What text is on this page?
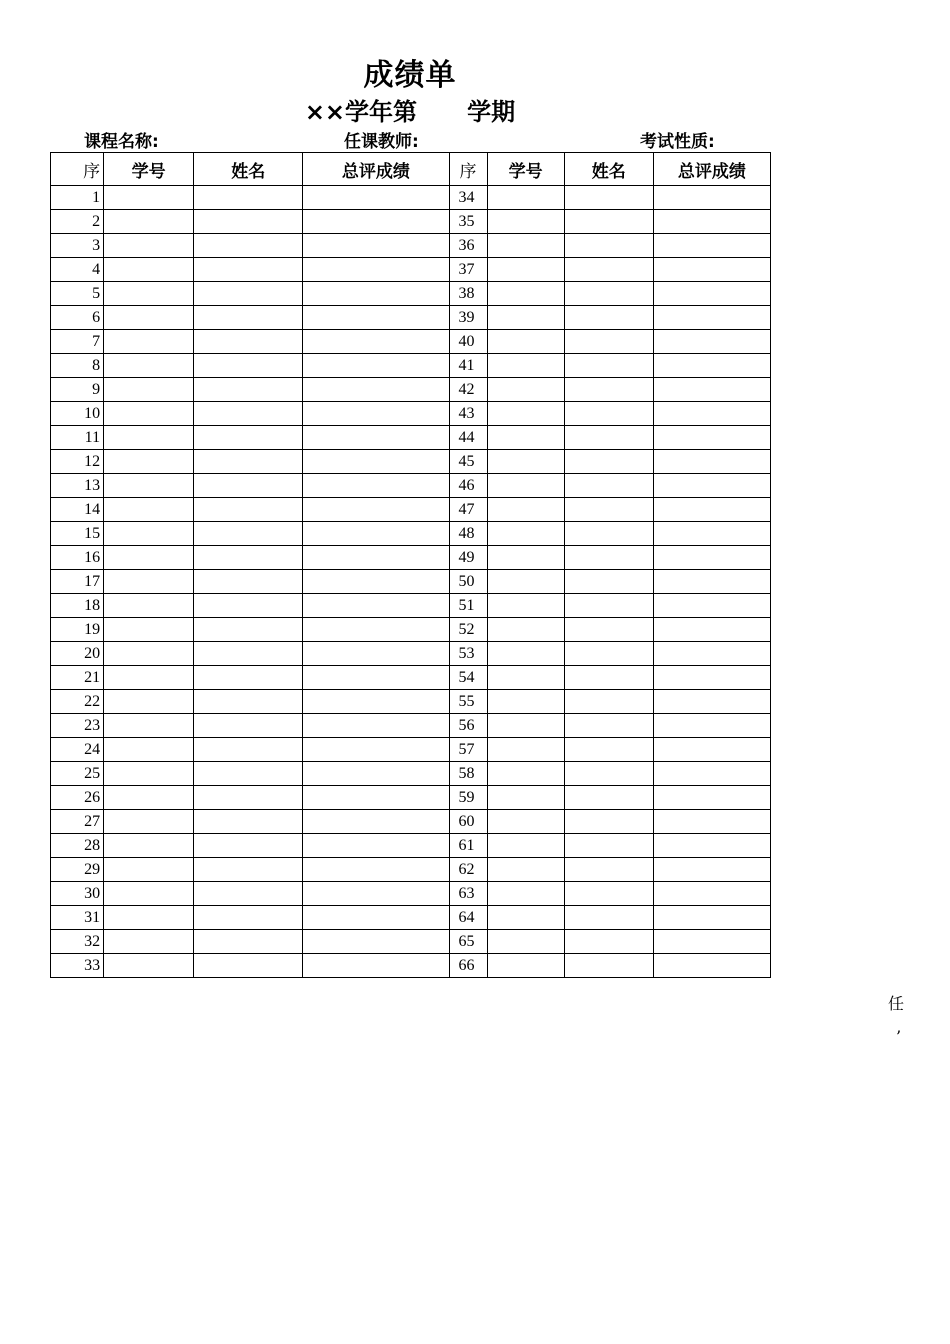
成绩单
××学年第      学期
课程名称:	任课教师:	考试性质:
序	学号	姓名	总评成绩	序	学号	姓名	总评成绩
1				34			
2				35			
3				36			
4				37			
5				38			
6				39			
7				40			
8				41			
9				42			
10				43			
11				44			
12				45			
13				46			
14				47			
15				48			
16				49			
17				50			
18				51			
19				52			
20				53			
21				54			
22				55			
23				56			
24				57			
25				58			
26				59			
27				60			
28				61			
29				62			
30				63			
31				64			
32				65			
33				66			
任
’
